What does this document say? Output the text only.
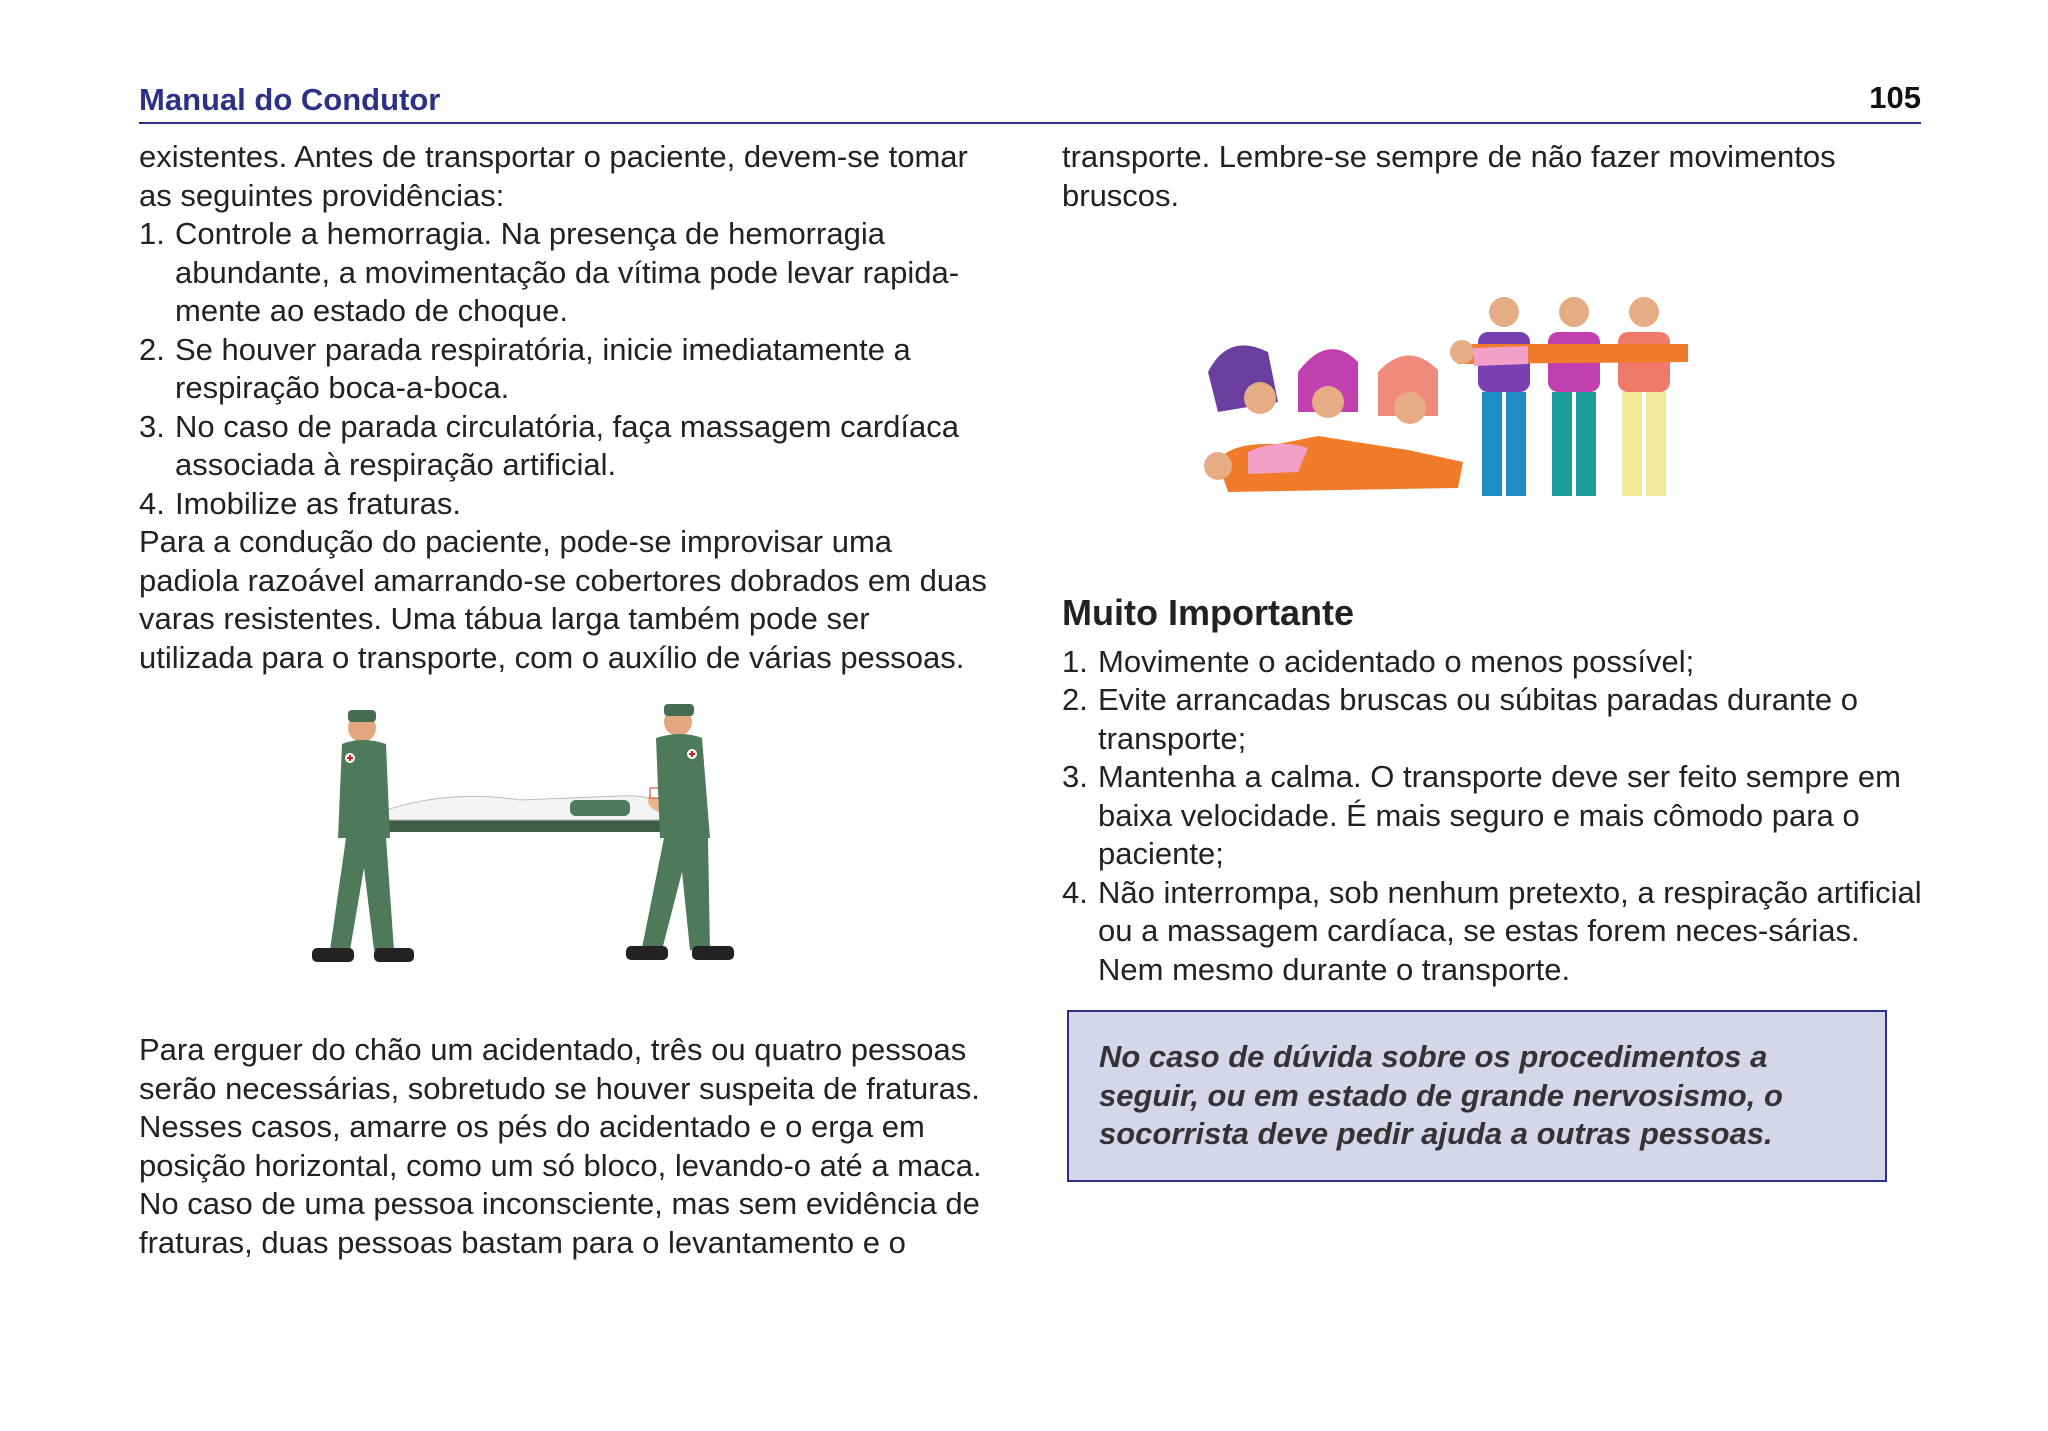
Manual do Condutor	105

existentes. Antes de transportar o paciente, devem-se tomar as seguintes providências:

1. Controle a hemorragia. Na presença de hemorragia abundante, a movimentação da vítima pode levar rapida-mente ao estado de choque.
2. Se houver parada respiratória, inicie imediatamente a respiração boca-a-boca.
3. No caso de parada circulatória, faça massagem cardíaca associada à respiração artificial.
4. Imobilize as fraturas.

Para a condução do paciente, pode-se improvisar uma padiola razoável amarrando-se cobertores dobrados em duas varas resistentes. Uma tábua larga também pode ser utilizada para o transporte, com o auxílio de várias pessoas.

Para erguer do chão um acidentado, três ou quatro pessoas serão necessárias, sobretudo se houver suspeita de fraturas. Nesses casos, amarre os pés do acidentado e o erga em posição horizontal, como um só bloco, levando-o até a maca.

No caso de uma pessoa inconsciente, mas sem evidência de fraturas, duas pessoas bastam para o levantamento e o

transporte. Lembre-se sempre de não fazer movimentos bruscos.

Muito Importante
1. Movimente o acidentado o menos possível;
2. Evite arrancadas bruscas ou súbitas paradas durante o transporte;
3. Mantenha a calma. O transporte deve ser feito sempre em baixa velocidade. É mais seguro e mais cômodo para o paciente;
4. Não interrompa, sob nenhum pretexto, a respiração artificial ou a massagem cardíaca, se estas forem neces-sárias. Nem mesmo durante o transporte.

No caso de dúvida sobre os procedimentos a seguir, ou em estado de grande nervosismo, o socorrista deve pedir ajuda a outras pessoas.
